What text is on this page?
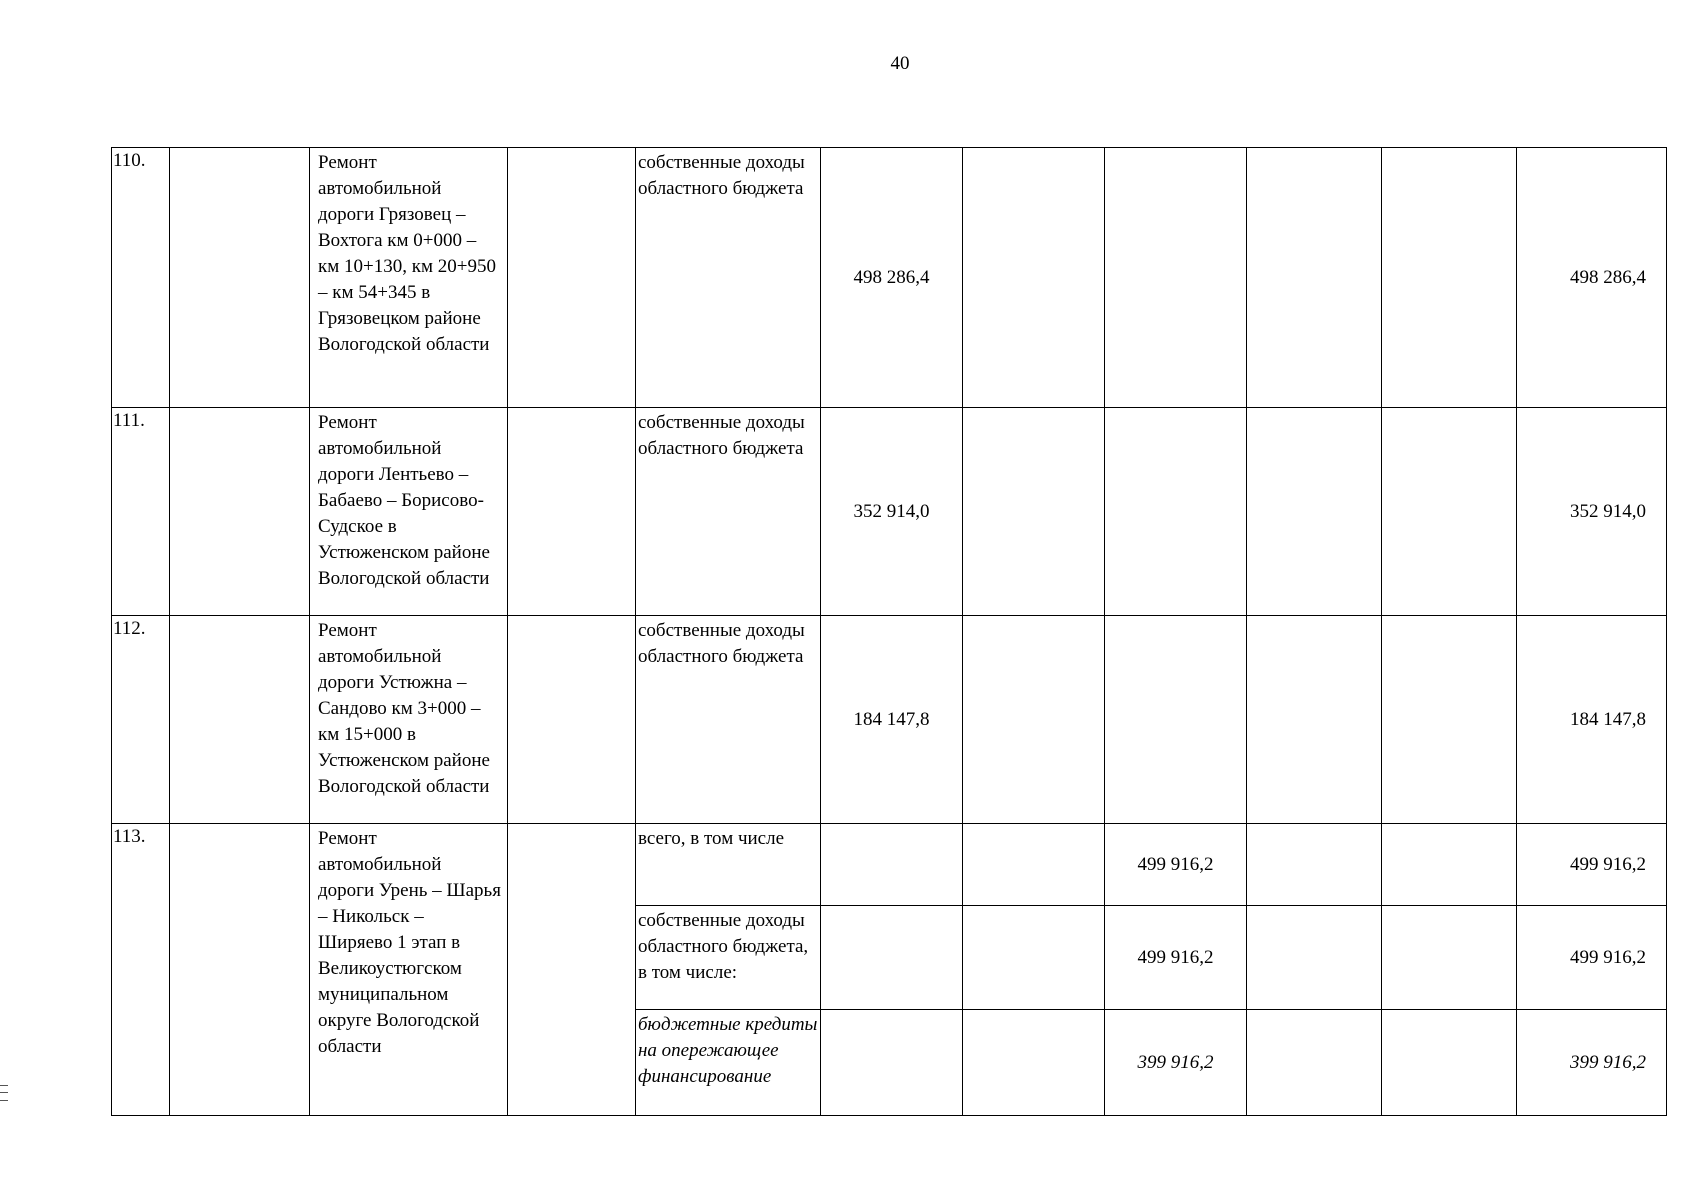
40
110.		Ремонт автомобильной дороги Грязовец – Вохтога км 0+000 – км 10+130, км 20+950 – км 54+345 в Грязовецком районе Вологодской области		собственные доходы областного бюджета	498 286,4					498 286,4
111.		Ремонт автомобильной дороги Лентьево – Бабаево – Борисово-Судское в Устюженском районе Вологодской области		собственные доходы областного бюджета	352 914,0					352 914,0
112.		Ремонт автомобильной дороги Устюжна – Сандово км 3+000 – км 15+000 в Устюженском районе Вологодской области		собственные доходы областного бюджета	184 147,8					184 147,8
113.		Ремонт автомобильной дороги Урень – Шарья – Никольск – Ширяево 1 этап в Великоустюгском муниципальном округе Вологодской области		всего, в том числе			499 916,2			499 916,2
				собственные доходы областного бюджета, в том числе:			499 916,2			499 916,2
				бюджетные кредиты на опережающее финансирование			399 916,2			399 916,2
